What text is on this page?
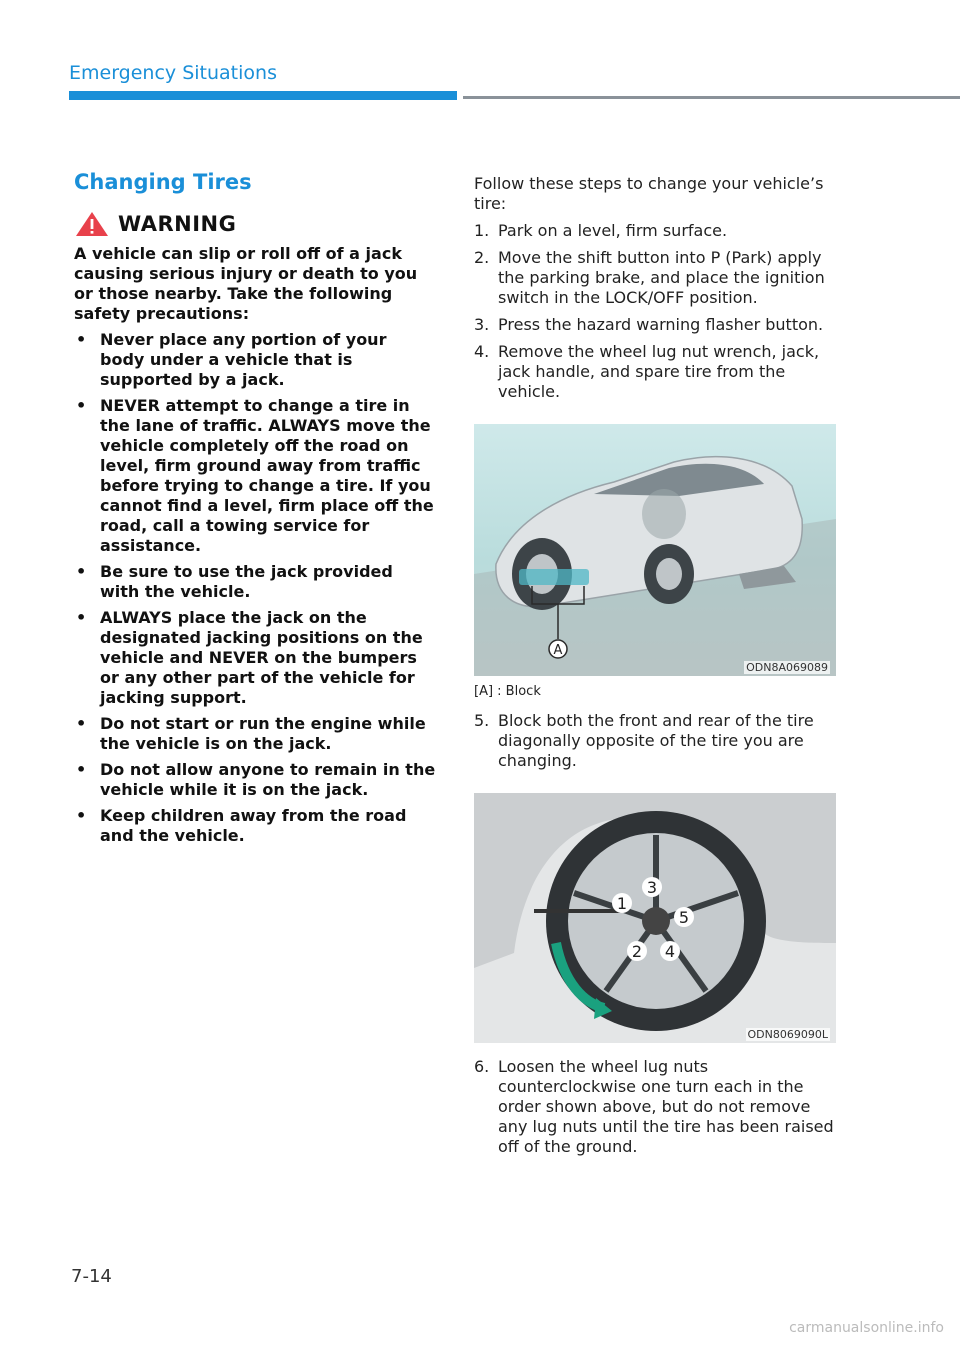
Emergency Situations
Changing Tires
WARNING

A vehicle can slip or roll off of a jack causing serious injury or death to you or those nearby. Take the following safety precautions:

• Never place any portion of your body under a vehicle that is supported by a jack.
• NEVER attempt to change a tire in the lane of traffic. ALWAYS move the vehicle completely off the road on level, firm ground away from traffic before trying to change a tire. If you cannot find a level, firm place off the road, call a towing service for assistance.
• Be sure to use the jack provided with the vehicle.
• ALWAYS place the jack on the designated jacking positions on the vehicle and NEVER on the bumpers or any other part of the vehicle for jacking support.
• Do not start or run the engine while the vehicle is on the jack.
• Do not allow anyone to remain in the vehicle while it is on the jack.
• Keep children away from the road and the vehicle.

Follow these steps to change your vehicle’s tire:

1. Park on a level, firm surface.
2. Move the shift button into P (Park) apply the parking brake, and place the ignition switch in the LOCK/OFF position.
3. Press the hazard warning flasher button.
4. Remove the wheel lug nut wrench, jack, jack handle, and spare tire from the vehicle.
A
ODN8A069089
[A] : Block
5. Block both the front and rear of the tire diagonally opposite of the tire you are changing.
1
2
3
4
5
ODN8069090L
6. Loosen the wheel lug nuts counterclockwise one turn each in the order shown above, but do not remove any lug nuts until the tire has been raised off of the ground.
7-14
carmanualsonline.info
